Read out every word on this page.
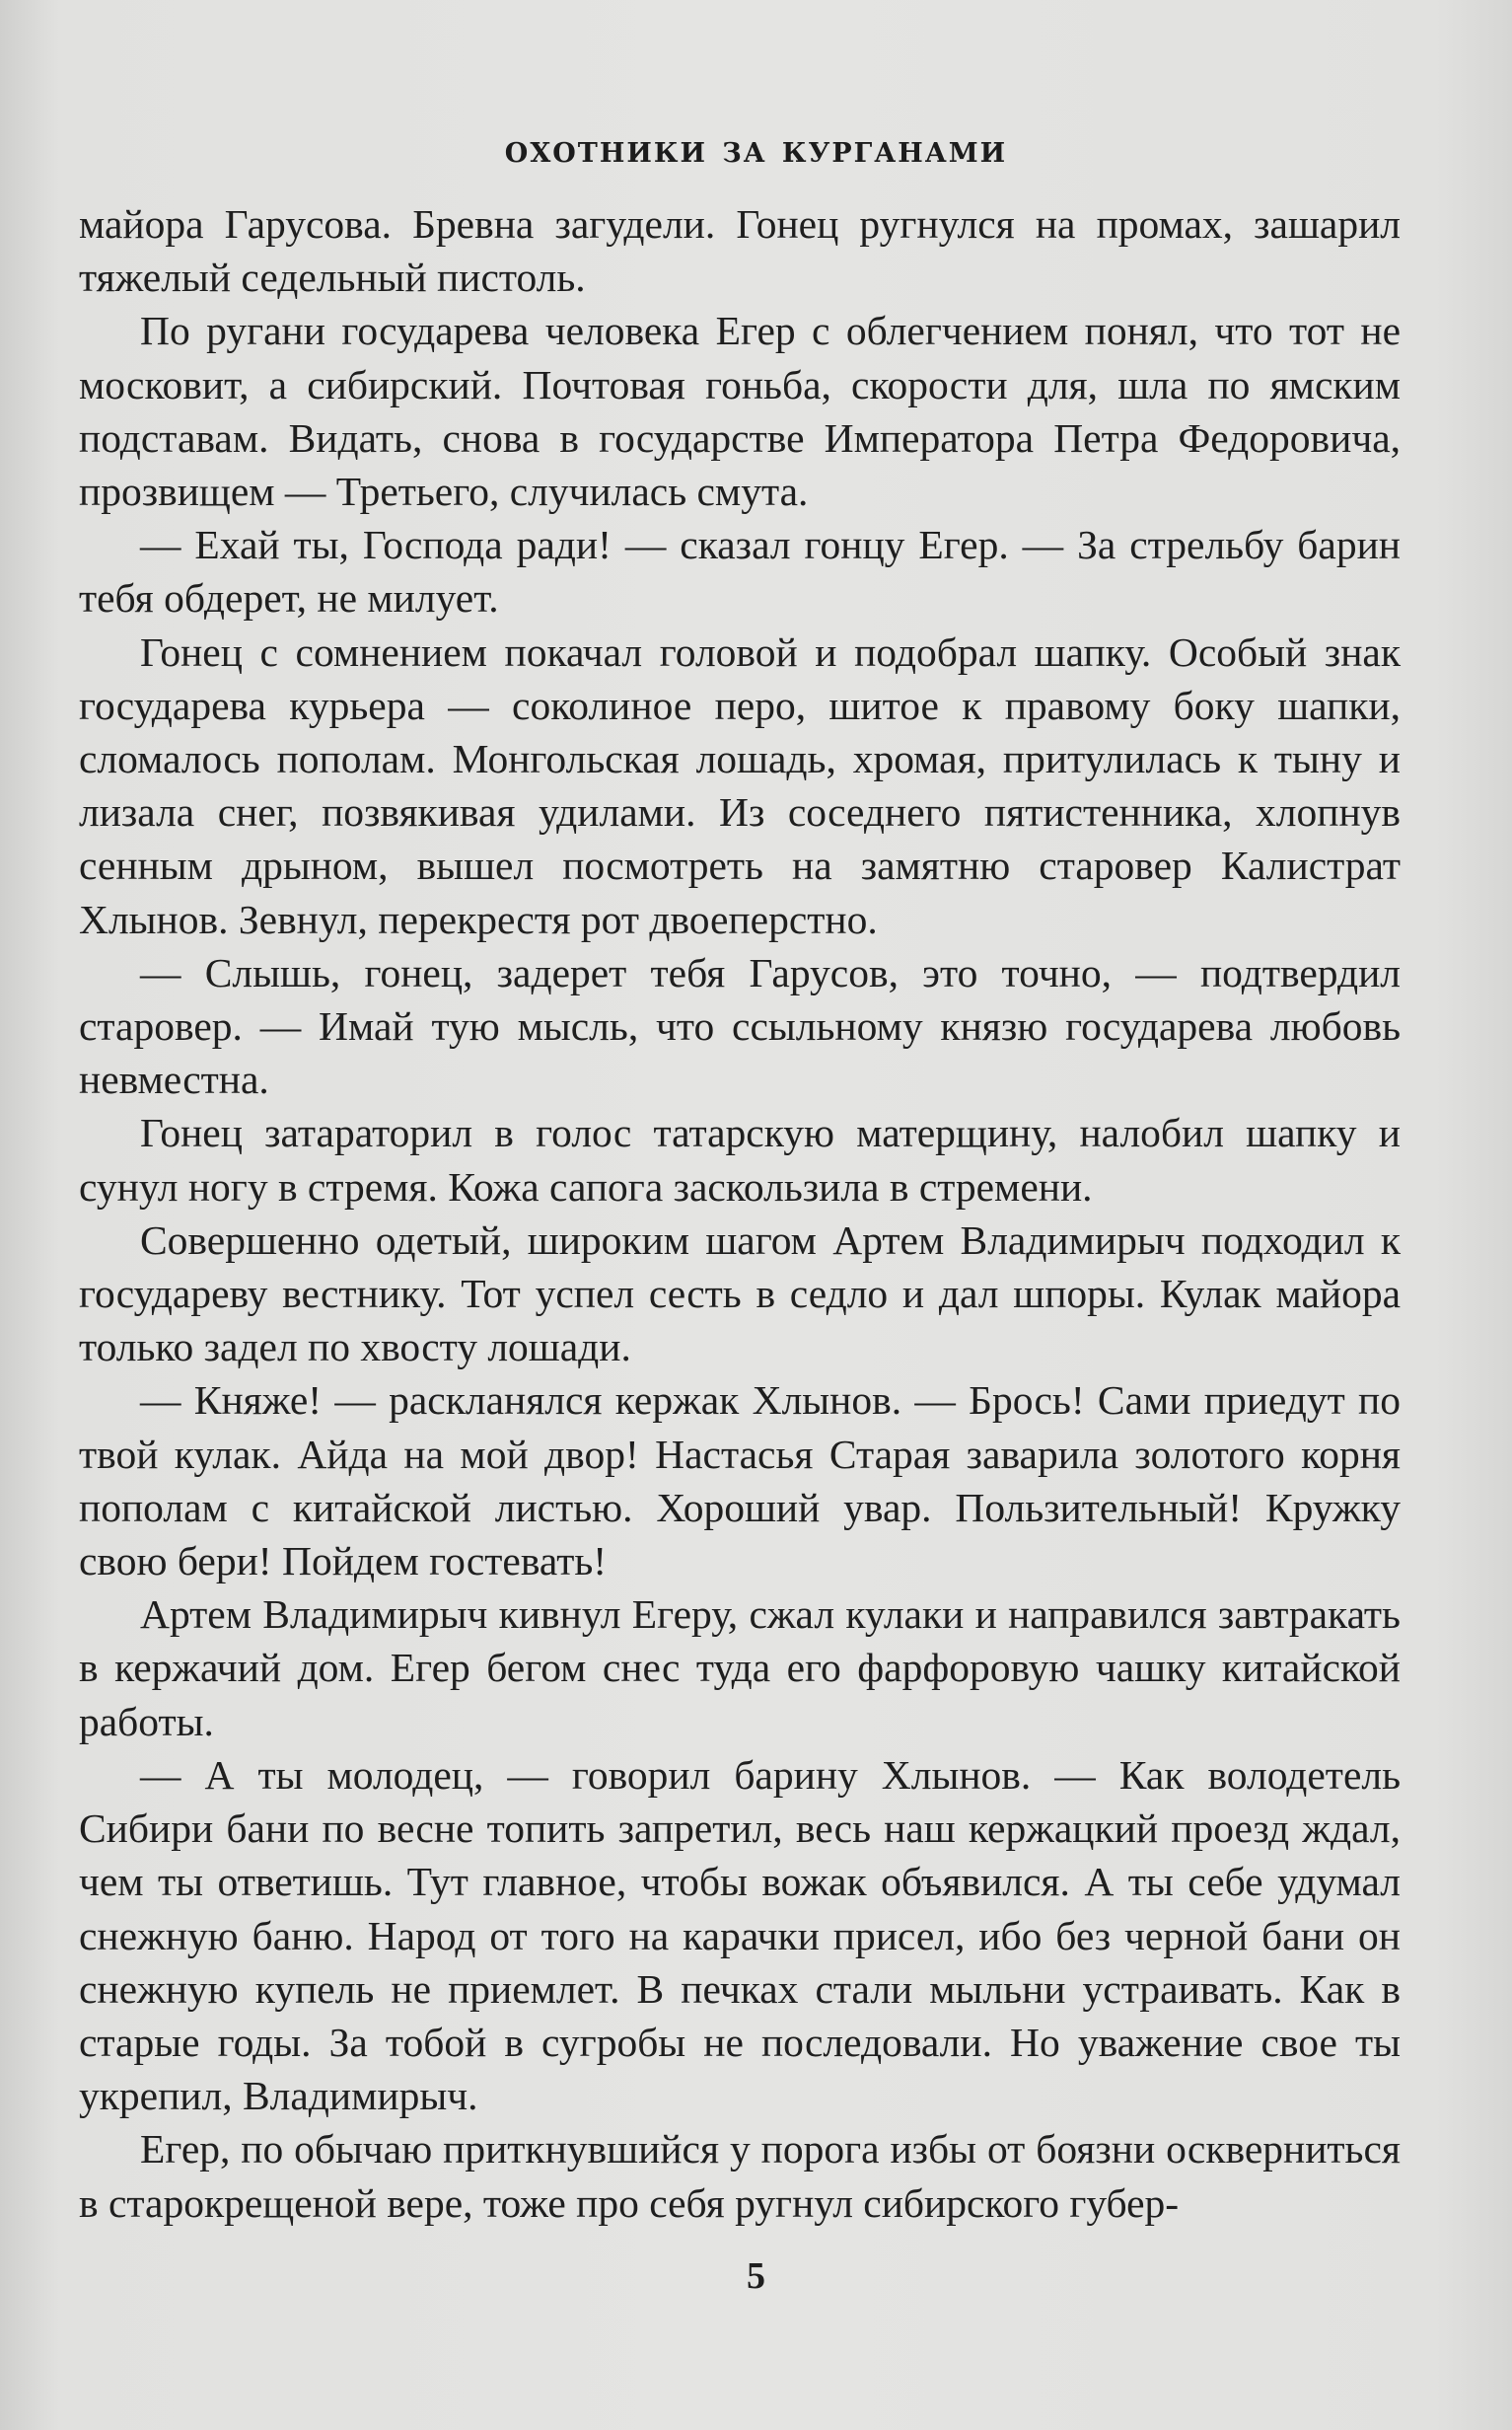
охотники за курганами

майора Гарусова. Бревна загудели. Гонец ругнулся на промах, зашарил тяжелый седельный пистоль.

По ругани государева человека Егер с облегчением понял, что тот не московит, а сибирский. Почтовая гоньба, скорости для, шла по ямским подставам. Видать, снова в государстве Императора Петра Федоровича, прозвищем — Третьего, случилась смута.

— Ехай ты, Господа ради! — сказал гонцу Егер. — За стрельбу барин тебя обдерет, не милует.

Гонец с сомнением покачал головой и подобрал шапку. Особый знак государева курьера — соколиное перо, шитое к правому боку шапки, сломалось пополам. Монгольская лошадь, хромая, притулилась к тыну и лизала снег, позвякивая удилами. Из соседнего пятистенника, хлопнув сенным дрыном, вышел посмотреть на замятню старовер Калистрат Хлынов. Зевнул, перекрестя рот двоеперстно.

— Слышь, гонец, задерет тебя Гарусов, это точно, — подтвердил старовер. — Имай тую мысль, что ссыльному князю государева любовь невместна.

Гонец затараторил в голос татарскую матерщину, налобил шапку и сунул ногу в стремя. Кожа сапога заскользила в стремени.

Совершенно одетый, широким шагом Артем Владимирыч подходил к государеву вестнику. Тот успел сесть в седло и дал шпоры. Кулак майора только задел по хвосту лошади.

— Княже! — раскланялся кержак Хлынов. — Брось! Сами приедут по твой кулак. Айда на мой двор! Настасья Старая заварила золотого корня пополам с китайской листью. Хороший увар. Пользительный! Кружку свою бери! Пойдем гостевать!

Артем Владимирыч кивнул Егеру, сжал кулаки и направился завтракать в кержачий дом. Егер бегом снес туда его фарфоровую чашку китайской работы.

— А ты молодец, — говорил барину Хлынов. — Как володетель Сибири бани по весне топить запретил, весь наш кержацкий проезд ждал, чем ты ответишь. Тут главное, чтобы вожак объявился. А ты себе удумал снежную баню. Народ от того на карачки присел, ибо без черной бани он снежную купель не приемлет. В печках стали мыльни устраивать. Как в старые годы. За тобой в сугробы не последовали. Но уважение свое ты укрепил, Владимирыч.

Егер, по обычаю приткнувшийся у порога избы от боязни осквернитьcя в старокрещеной вере, тоже про себя ругнул сибирского губер-

5
